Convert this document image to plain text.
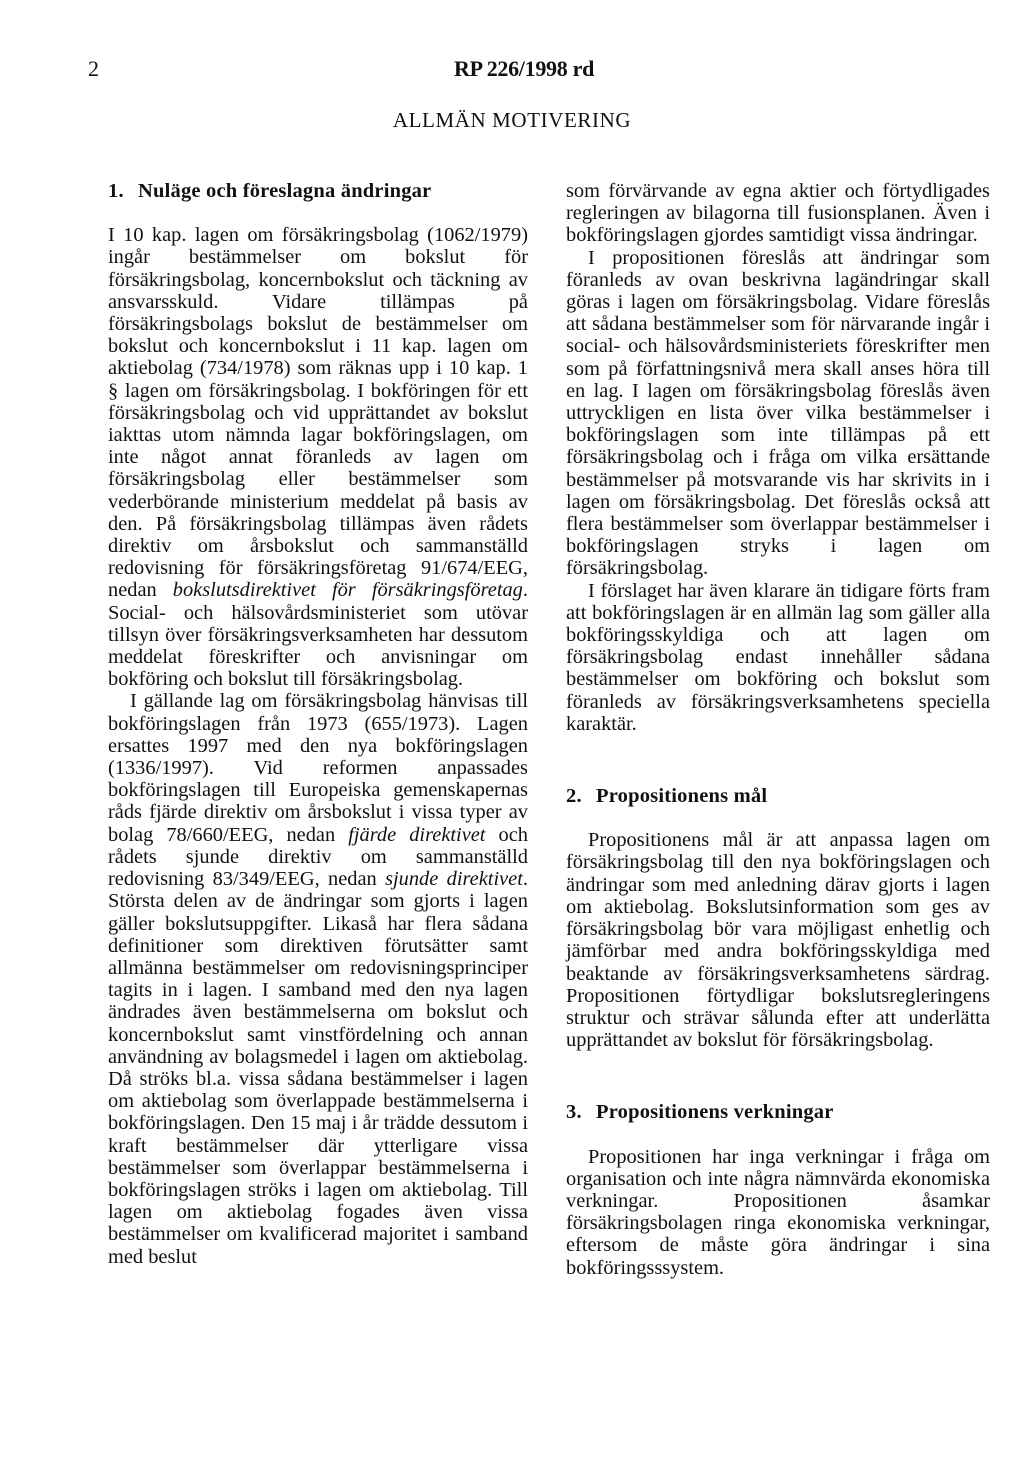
2	RP 226/1998 rd
ALLMÄN MOTIVERING
1. Nuläge och föreslagna ändringar

I 10 kap. lagen om försäkringsbolag (1062/1979) ingår bestämmelser om bokslut för försäkringsbolag, koncernbokslut och täckning av ansvarsskuld. Vidare tillämpas på försäkringsbolags bokslut de bestämmelser om bokslut och koncernbokslut i 11 kap. lagen om aktiebolag (734/1978) som räknas upp i 10 kap. 1 § lagen om försäkringsbolag. I bokföringen för ett försäkringsbolag och vid upprättandet av bokslut iakttas utom nämnda lagar bokföringslagen, om inte något annat föranleds av lagen om försäkringsbolag eller bestämmelser som vederbörande ministerium meddelat på basis av den. På försäkringsbolag tillämpas även rådets direktiv om årsbokslut och sammanställd redovisning för försäkringsföretag 91/674/EEG, nedan bokslutsdirektivet för försäkringsföretag. Social- och hälsovårdsministeriet som utövar tillsyn över försäkringsverksamheten har dessutom meddelat föreskrifter och anvisningar om bokföring och bokslut till försäkringsbolag.

I gällande lag om försäkringsbolag hänvisas till bokföringslagen från 1973 (655/1973). Lagen ersattes 1997 med den nya bokföringslagen (1336/1997). Vid reformen anpassades bokföringslagen till Europeiska gemenskapernas råds fjärde direktiv om årsbokslut i vissa typer av bolag 78/660/EEG, nedan fjärde direktivet och rådets sjunde direktiv om sammanställd redovisning 83/349/EEG, nedan sjunde direktivet. Största delen av de ändringar som gjorts i lagen gäller bokslutsuppgifter. Likaså har flera sådana definitioner som direktiven förutsätter samt allmänna bestämmelser om redovisningsprinciper tagits in i lagen. I samband med den nya lagen ändrades även bestämmelserna om bokslut och koncernbokslut samt vinstfördelning och annan användning av bolagsmedel i lagen om aktiebolag. Då ströks bl.a. vissa sådana bestämmelser i lagen om aktiebolag som överlappade bestämmelserna i bokföringslagen. Den 15 maj i år trädde dessutom i kraft bestämmelser där ytterligare vissa bestämmelser som överlappar bestämmelserna i bokföringslagen ströks i lagen om aktiebolag. Till lagen om aktiebolag fogades även vissa bestämmelser om kvalificerad majoritet i samband med beslut

som förvärvande av egna aktier och förtydligades regleringen av bilagorna till fusionsplanen. Även i bokföringslagen gjordes samtidigt vissa ändringar.

I propositionen föreslås att ändringar som föranleds av ovan beskrivna lagändringar skall göras i lagen om försäkringsbolag. Vidare föreslås att sådana bestämmelser som för närvarande ingår i social- och hälsovårdsministeriets föreskrifter men som på författningsnivå mera skall anses höra till en lag. I lagen om försäkringsbolag föreslås även uttryckligen en lista över vilka bestämmelser i bokföringslagen som inte tillämpas på ett försäkringsbolag och i fråga om vilka ersättande bestämmelser på motsvarande vis har skrivits in i lagen om försäkringsbolag. Det föreslås också att flera bestämmelser som överlappar bestämmelser i bokföringslagen stryks i lagen om försäkringsbolag.

I förslaget har även klarare än tidigare förts fram att bokföringslagen är en allmän lag som gäller alla bokföringsskyldiga och att lagen om försäkringsbolag endast innehåller sådana bestämmelser om bokföring och bokslut som föranleds av försäkringsverksamhetens speciella karaktär.

2. Propositionens mål

Propositionens mål är att anpassa lagen om försäkringsbolag till den nya bokföringslagen och ändringar som med anledning därav gjorts i lagen om aktiebolag. Bokslutsinformation som ges av försäkringsbolag bör vara möjligast enhetlig och jämförbar med andra bokföringsskyldiga med beaktande av försäkringsverksamhetens särdrag. Propositionen förtydligar bokslutsregleringens struktur och strävar sålunda efter att underlätta upprättandet av bokslut för försäkringsbolag.

3. Propositionens verkningar

Propositionen har inga verkningar i fråga om organisation och inte några nämnvärda ekonomiska verkningar. Propositionen åsamkar försäkringsbolagen ringa ekonomiska verkningar, eftersom de måste göra ändringar i sina bokföringsssystem.
